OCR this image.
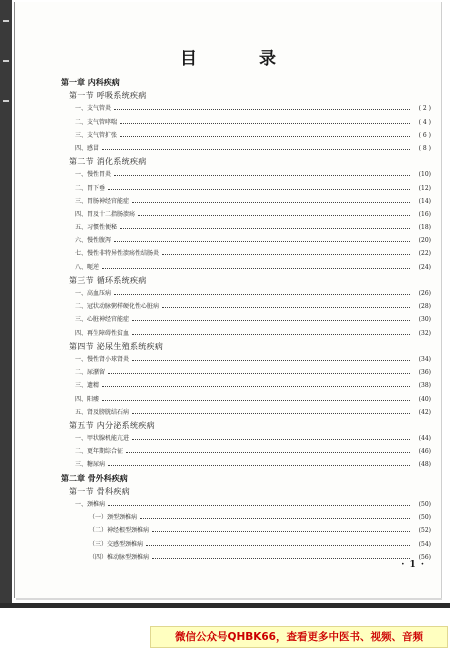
目 录
第一章 内科疾病
第一节 呼吸系统疾病
一、支气管炎	( 2 )
二、支气管哮喘	( 4 )
三、支气管扩张	( 6 )
四、感冒	( 8 )
第二节 消化系统疾病
一、慢性胃炎	(10)
二、胃下垂	(12)
三、胃肠神经官能症	(14)
四、胃及十二指肠溃疡	(16)
五、习惯性便秘	(18)
六、慢性腹泻	(20)
七、慢性非特异性溃疡性结肠炎	(22)
八、呃逆	(24)
第三节 循环系统疾病
一、高血压病	(26)
二、冠状动脉粥样硬化性心脏病	(28)
三、心脏神经官能症	(30)
四、再生障碍性贫血	(32)
第四节 泌尿生殖系统疾病
一、慢性肾小球肾炎	(34)
二、尿潴留	(36)
三、遗精	(38)
四、阳痿	(40)
五、肾及膀胱结石病	(42)
第五节 内分泌系统疾病
一、甲状腺机能亢进	(44)
二、更年期综合征	(46)
三、糖尿病	(48)
第二章 骨外科疾病
第一节 骨科疾病
一、颈椎病	(50)
（一）颈型颈椎病	(50)
（二）神经根型颈椎病	(52)
（三）交感型颈椎病	(54)
（四）椎动脉型颈椎病	(56)
· 1 ·
微信公众号QHBK66，查看更多中医书、视频、音频
